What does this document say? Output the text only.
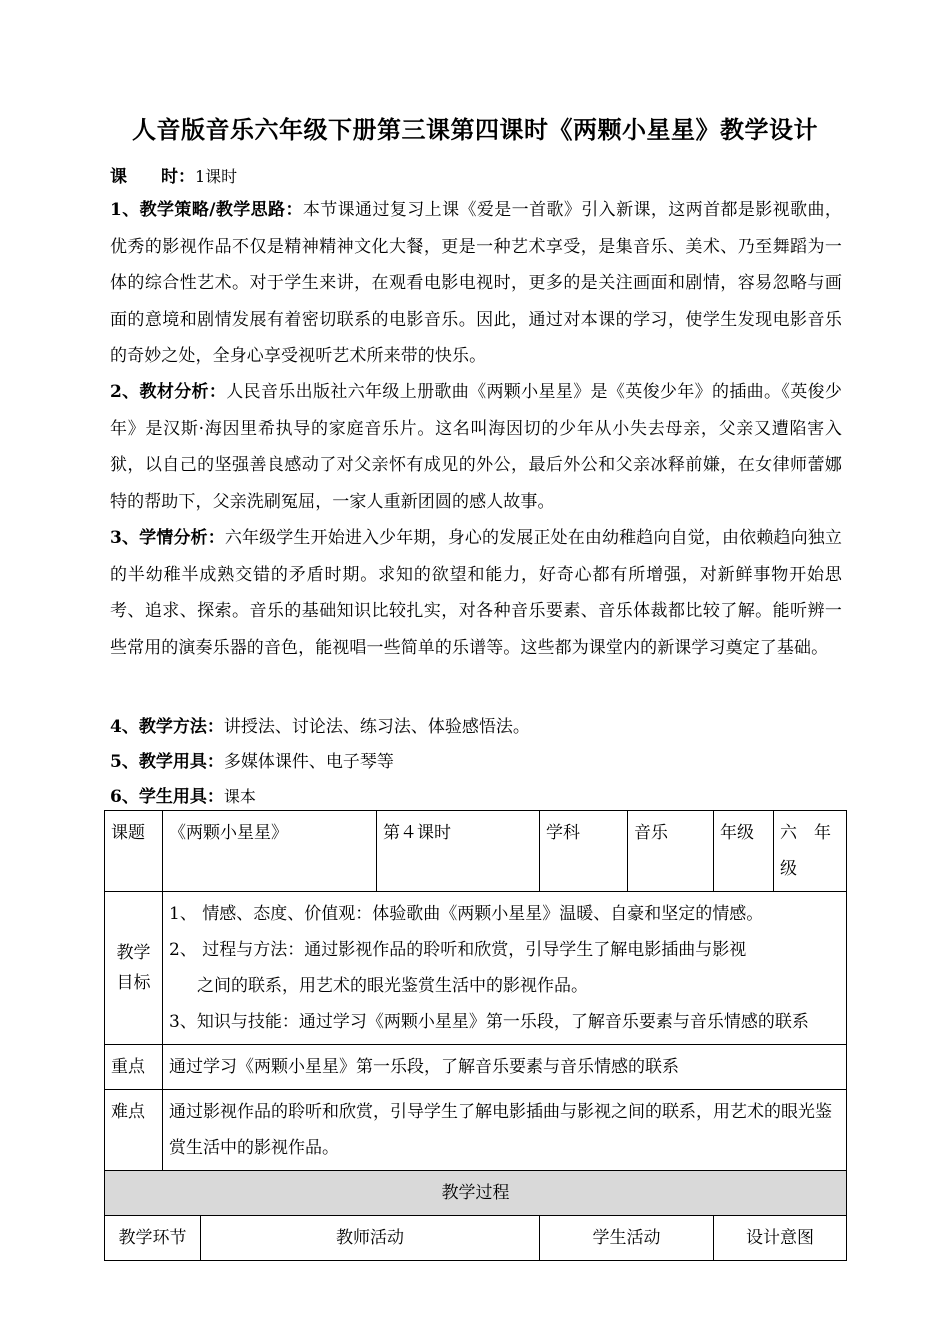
人音版音乐六年级下册第三课第四课时《两颗小星星》教学设计
课　　时：1课时
1、教学策略/教学思路：本节课通过复习上课《爱是一首歌》引入新课，这两首都是影视歌曲，优秀的影视作品不仅是精神精神文化大餐，更是一种艺术享受，是集音乐、美术、乃至舞蹈为一体的综合性艺术。对于学生来讲，在观看电影电视时，更多的是关注画面和剧情，容易忽略与画面的意境和剧情发展有着密切联系的电影音乐。因此，通过对本课的学习，使学生发现电影音乐的奇妙之处，全身心享受视听艺术所来带的快乐。
2、教材分析：人民音乐出版社六年级上册歌曲《两颗小星星》是《英俊少年》的插曲。《英俊少年》是汉斯·海因里希执导的家庭音乐片。这名叫海因切的少年从小失去母亲，父亲又遭陷害入狱，以自己的坚强善良感动了对父亲怀有成见的外公，最后外公和父亲冰释前嫌，在女律师蕾娜特的帮助下，父亲洗刷冤屈，一家人重新团圆的感人故事。
3、学情分析：六年级学生开始进入少年期，身心的发展正处在由幼稚趋向自觉，由依赖趋向独立的半幼稚半成熟交错的矛盾时期。求知的欲望和能力，好奇心都有所增强，对新鲜事物开始思考、追求、探索。音乐的基础知识比较扎实，对各种音乐要素、音乐体裁都比较了解。能听辨一些常用的演奏乐器的音色，能视唱一些简单的乐谱等。这些都为课堂内的新课学习奠定了基础。
4、教学方法：讲授法、讨论法、练习法、体验感悟法。
5、教学用具：多媒体课件、电子琴等
6、学生用具：课本
课题	《两颗小星星》		第４课时	学科	音乐	年级	六　年级
教学目标	1、 情感、态度、价值观：体验歌曲《两颗小星星》温暖、自豪和坚定的情感。
2、 过程与方法：通过影视作品的聆听和欣赏，引导学生了解电影插曲与影视
之间的联系，用艺术的眼光鉴赏生活中的影视作品。
3、知识与技能：通过学习《两颗小星星》第一乐段，了解音乐要素与音乐情感的联系						

重点	通过学习《两颗小星星》第一乐段，了解音乐要素与音乐情感的联系						
难点	通过影视作品的聆听和欣赏，引导学生了解电影插曲与影视之间的联系，用艺术的眼光鉴赏生活中的影视作品。						
教学过程							
教学环节		教师活动		学生活动		设计意图	
